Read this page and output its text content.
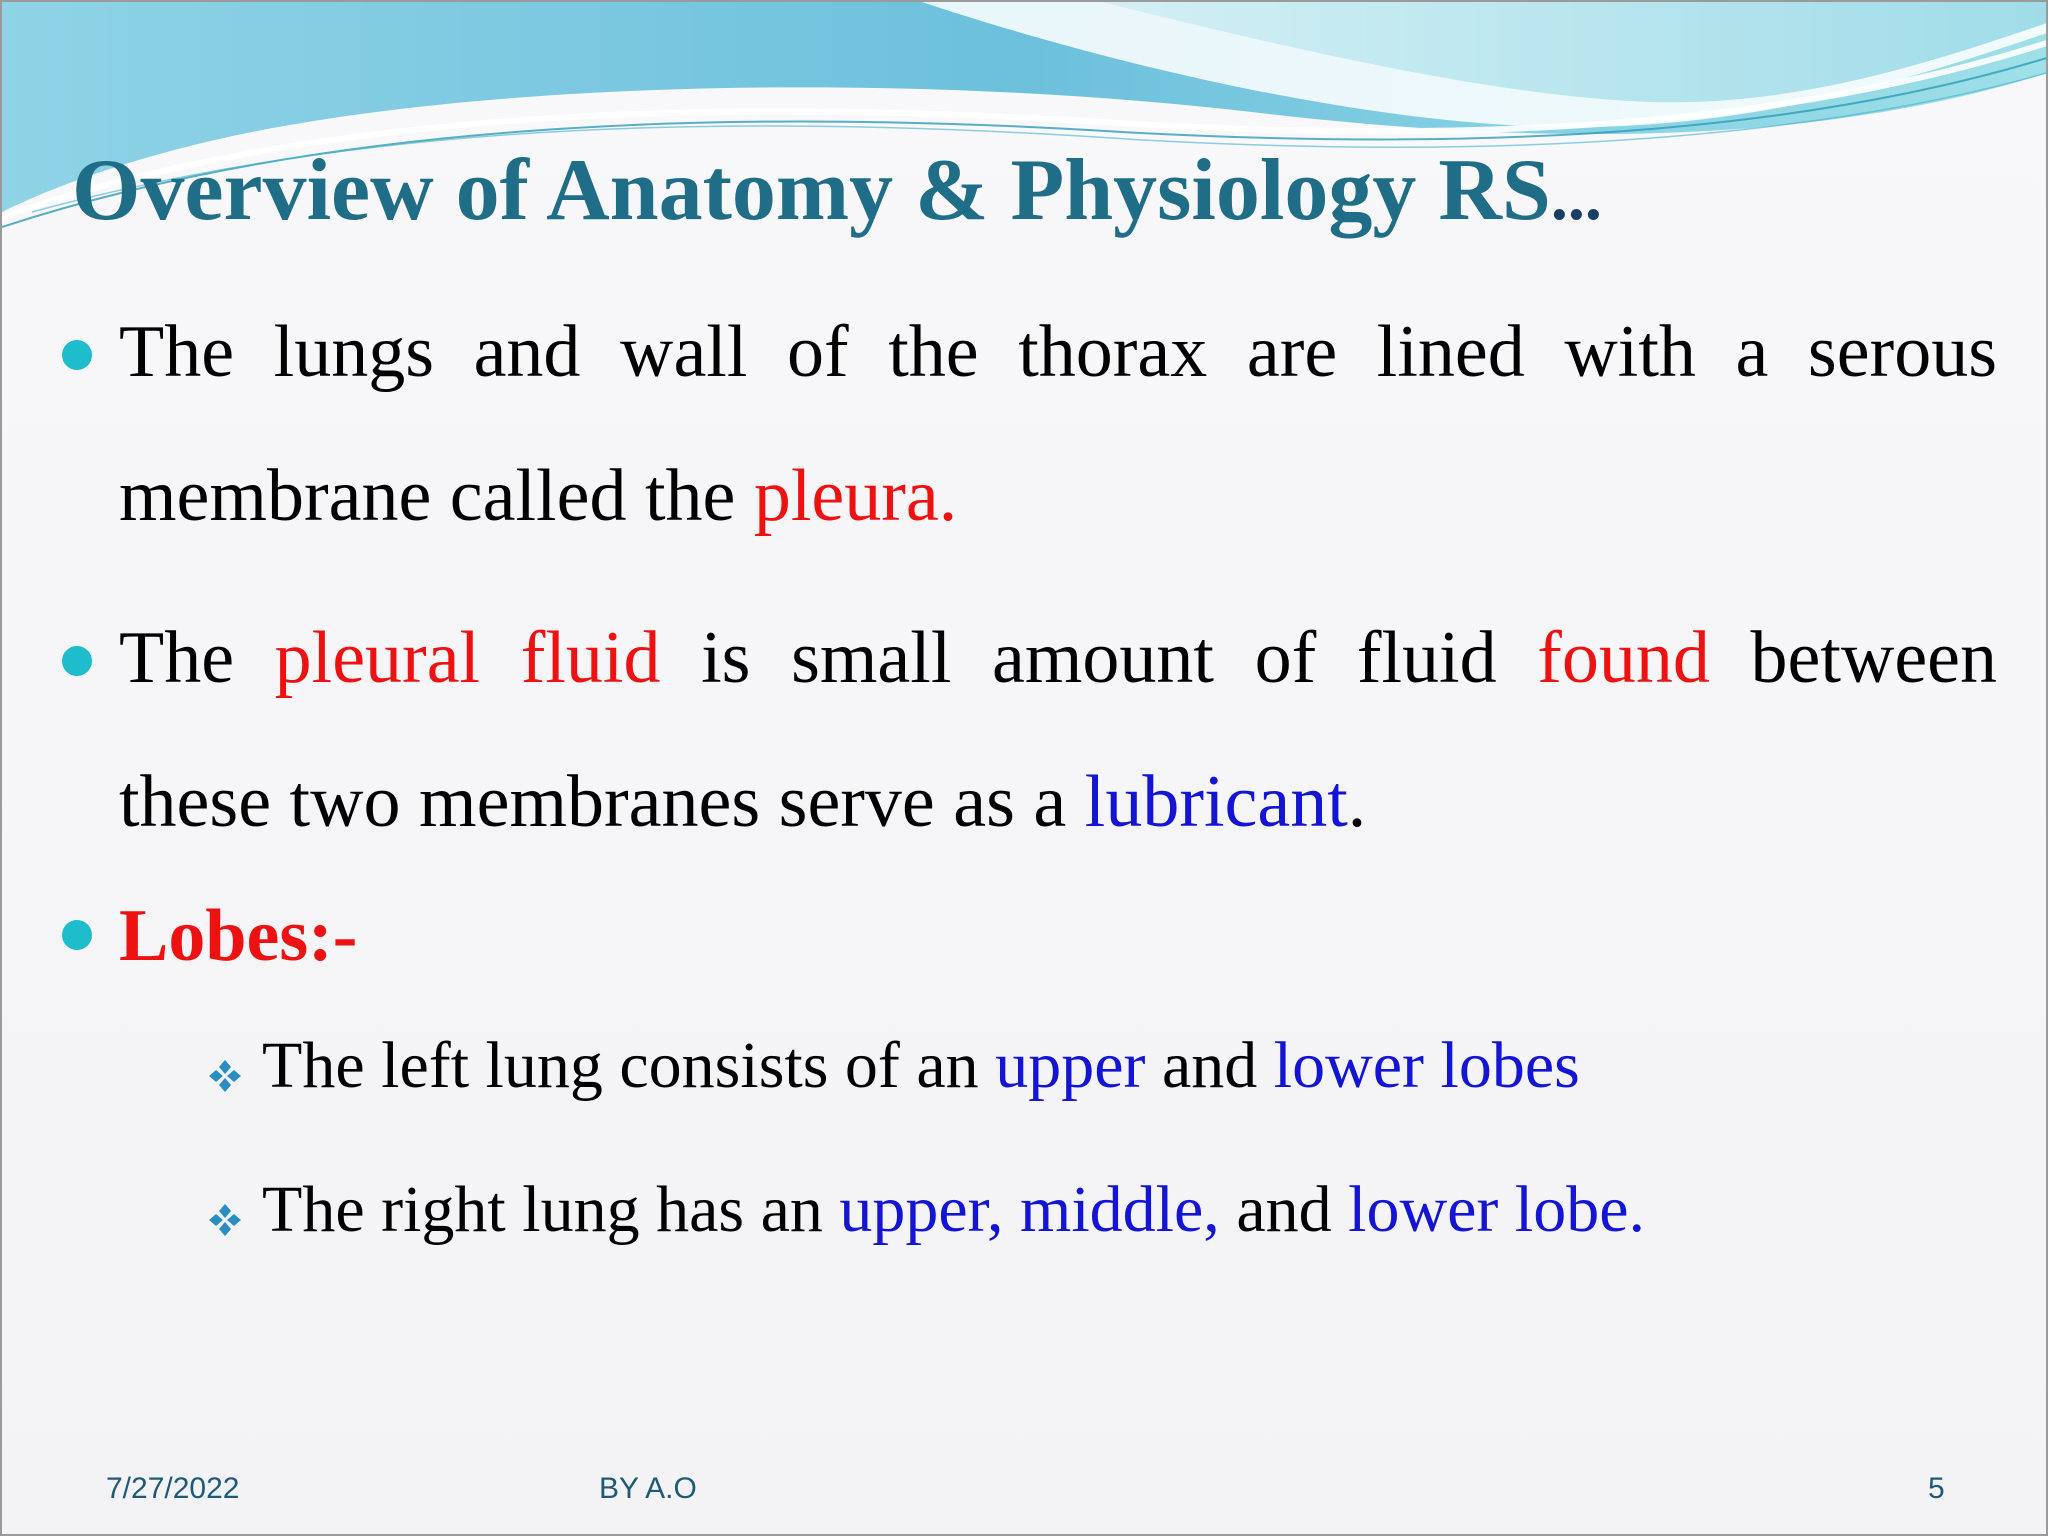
Overview of Anatomy & Physiology RS...
The lungs and wall of the thorax are lined with a serous
membrane called the pleura.
The pleural fluid is small amount of fluid found between
these two membranes serve as a lubricant.
Lobes:-
The left lung consists of an upper and lower lobes
The right lung has an upper, middle, and lower lobe.
7/27/2022	BY A.O	5
